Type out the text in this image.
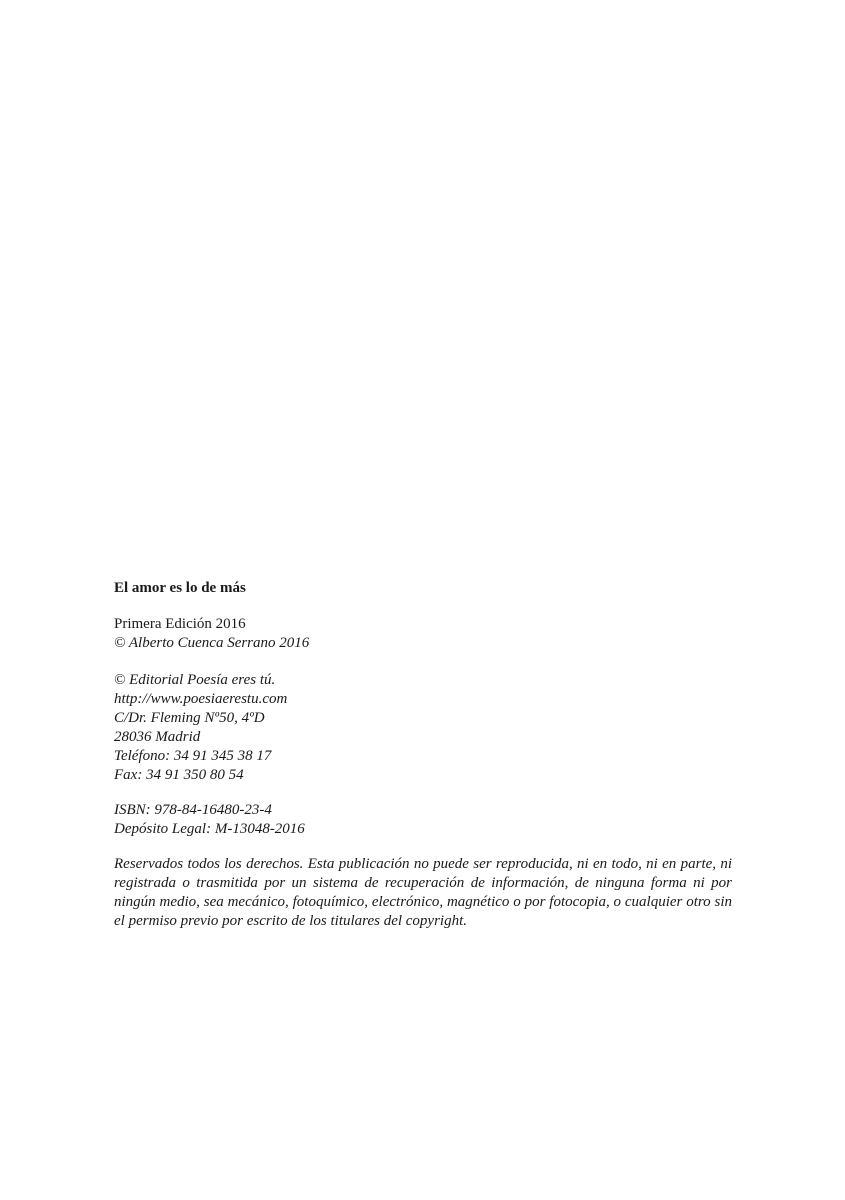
El amor es lo de más
Primera Edición 2016
© Alberto Cuenca Serrano 2016
© Editorial Poesía eres tú.
http://www.poesiaerestu.com
C/Dr. Fleming Nº50, 4ºD
28036 Madrid
Teléfono: 34 91 345 38 17
Fax: 34 91 350 80 54
ISBN: 978-84-16480-23-4
Depósito Legal: M-13048-2016
Reservados todos los derechos. Esta publicación no puede ser reproducida, ni en todo, ni en parte, ni registrada o trasmitida por un sistema de recuperación de información, de ninguna forma ni por ningún medio, sea mecánico, fotoquímico, electrónico, magnético o por fotocopia, o cualquier otro sin el permiso previo por escrito de los titulares del copyright.
